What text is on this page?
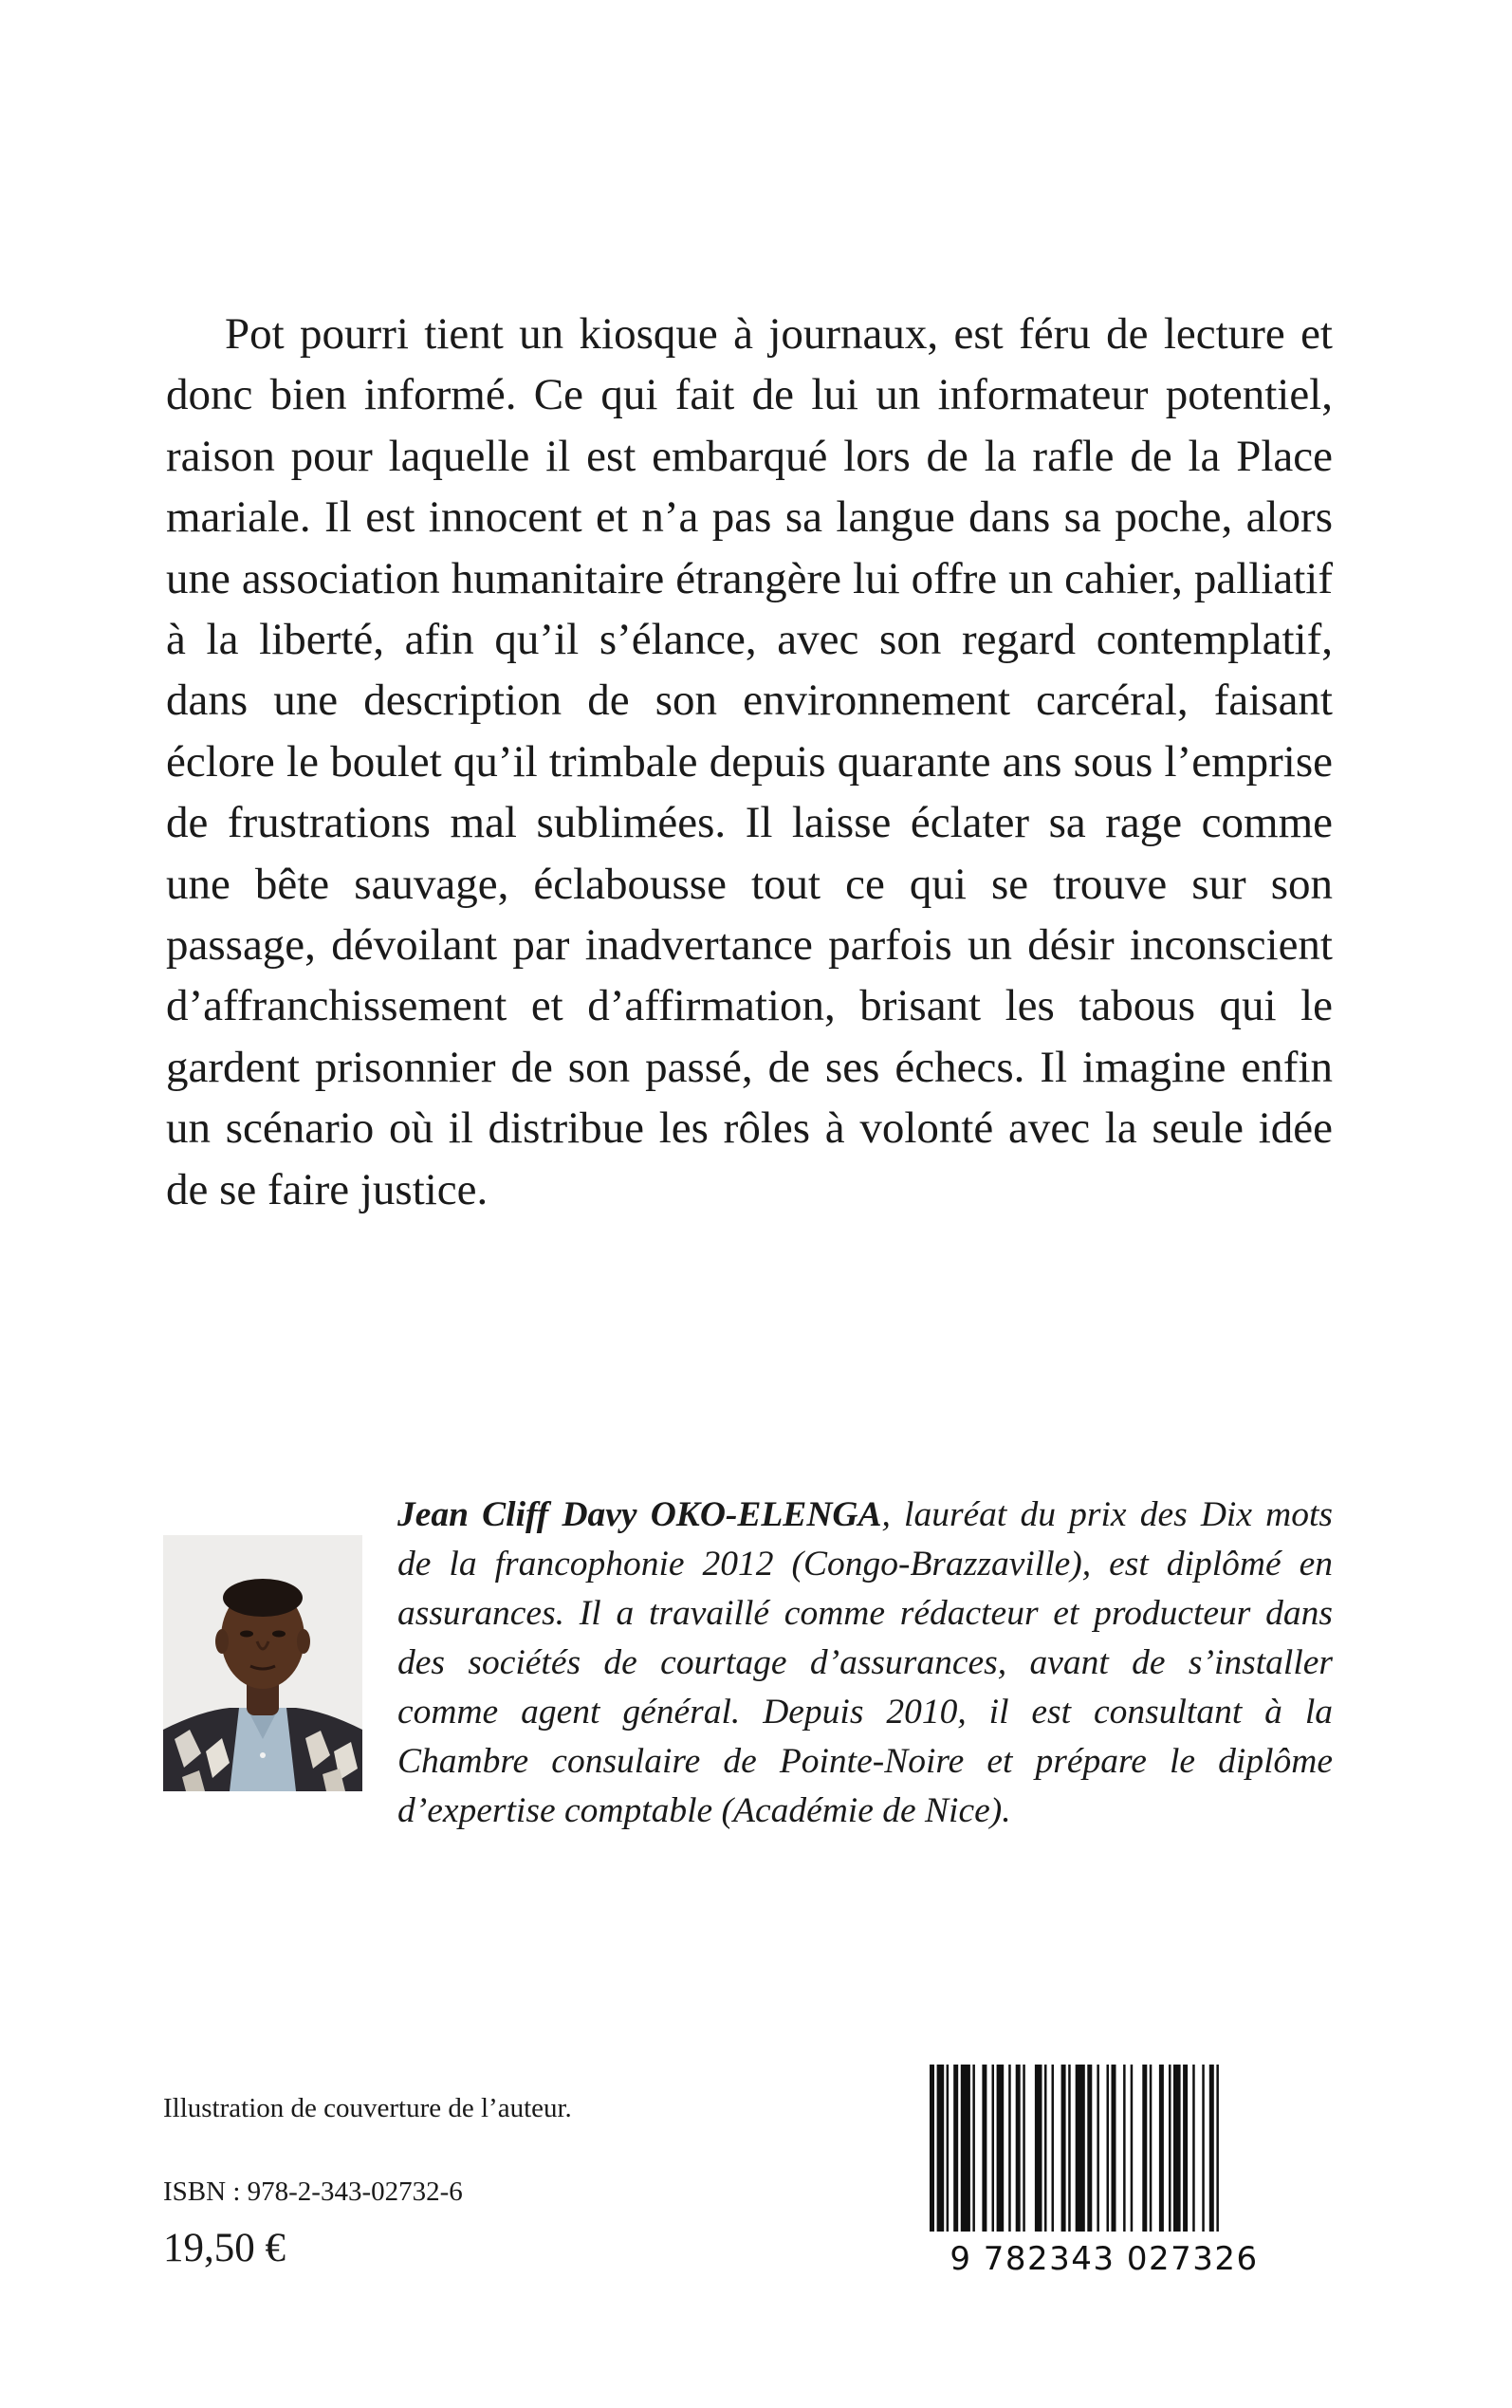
Pot pourri tient un kiosque à journaux, est féru de lecture et donc bien informé. Ce qui fait de lui un informateur potentiel, raison pour laquelle il est embarqué lors de la rafle de la Place mariale. Il est innocent et n’a pas sa langue dans sa poche, alors une association humanitaire étrangère lui offre un cahier, palliatif à la liberté, afin qu’il s’élance, avec son regard contemplatif, dans une description de son environnement carcéral, faisant éclore le boulet qu’il trimbale depuis quarante ans sous l’emprise de frustrations mal sublimées. Il laisse éclater sa rage comme une bête sauvage, éclabousse tout ce qui se trouve sur son passage, dévoilant par inadvertance parfois un désir inconscient d’affranchissement et d’affirmation, brisant les tabous qui le gardent prisonnier de son passé, de ses échecs. Il imagine enfin un scénario où il distribue les rôles à volonté avec la seule idée de se faire justice.

Jean Cliff Davy OKO-ELENGA, lauréat du prix des Dix mots de la francophonie 2012 (Congo-Brazzaville), est diplômé en assurances. Il a travaillé comme rédacteur et producteur dans des sociétés de courtage d’assurances, avant de s’installer comme agent général. Depuis 2010, il est consultant à la Chambre consulaire de Pointe-Noire et prépare le diplôme d’expertise comptable (Académie de Nice).

Illustration de couverture de l’auteur.

ISBN : 978-2-343-02732-6

19,50 €	9 782343 027326
